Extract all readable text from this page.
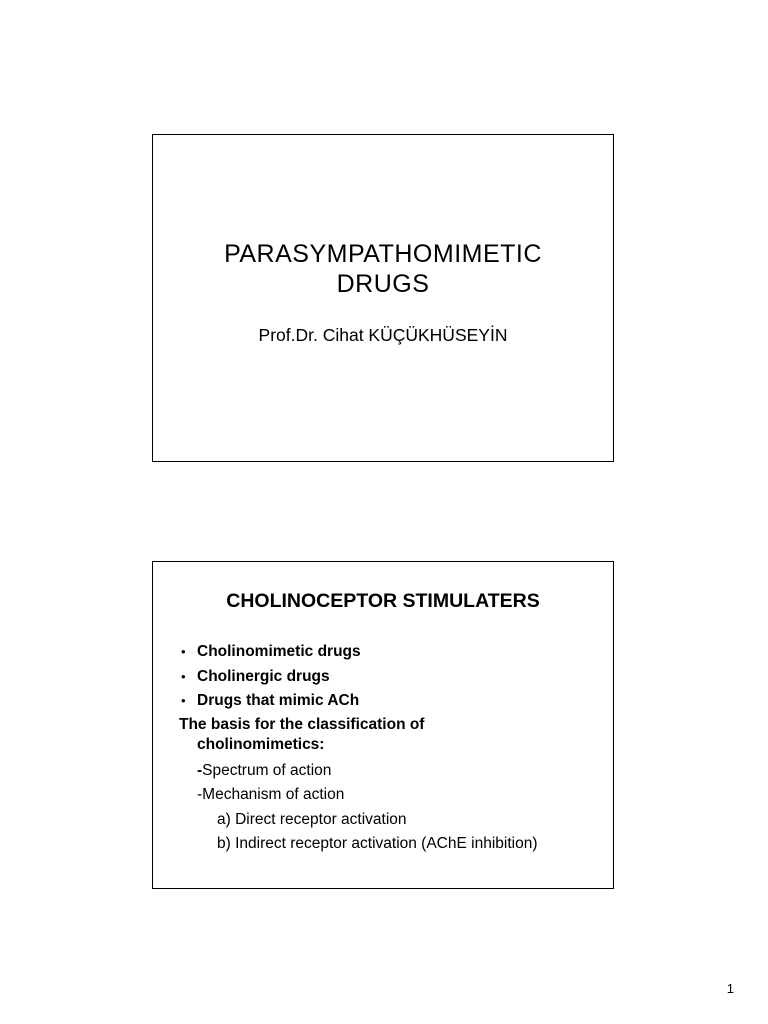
PARASYMPATHOMIMETIC
DRUGS
Prof.Dr. Cihat KÜÇÜKHÜSEYİN
CHOLINOCEPTOR STIMULATERS
• Cholinomimetic drugs
• Cholinergic drugs
• Drugs that mimic ACh
The basis for the classification of
cholinomimetics:
-Spectrum of action
-Mechanism of action
a) Direct receptor activation
b) Indirect receptor activation (AChE inhibition)
1
